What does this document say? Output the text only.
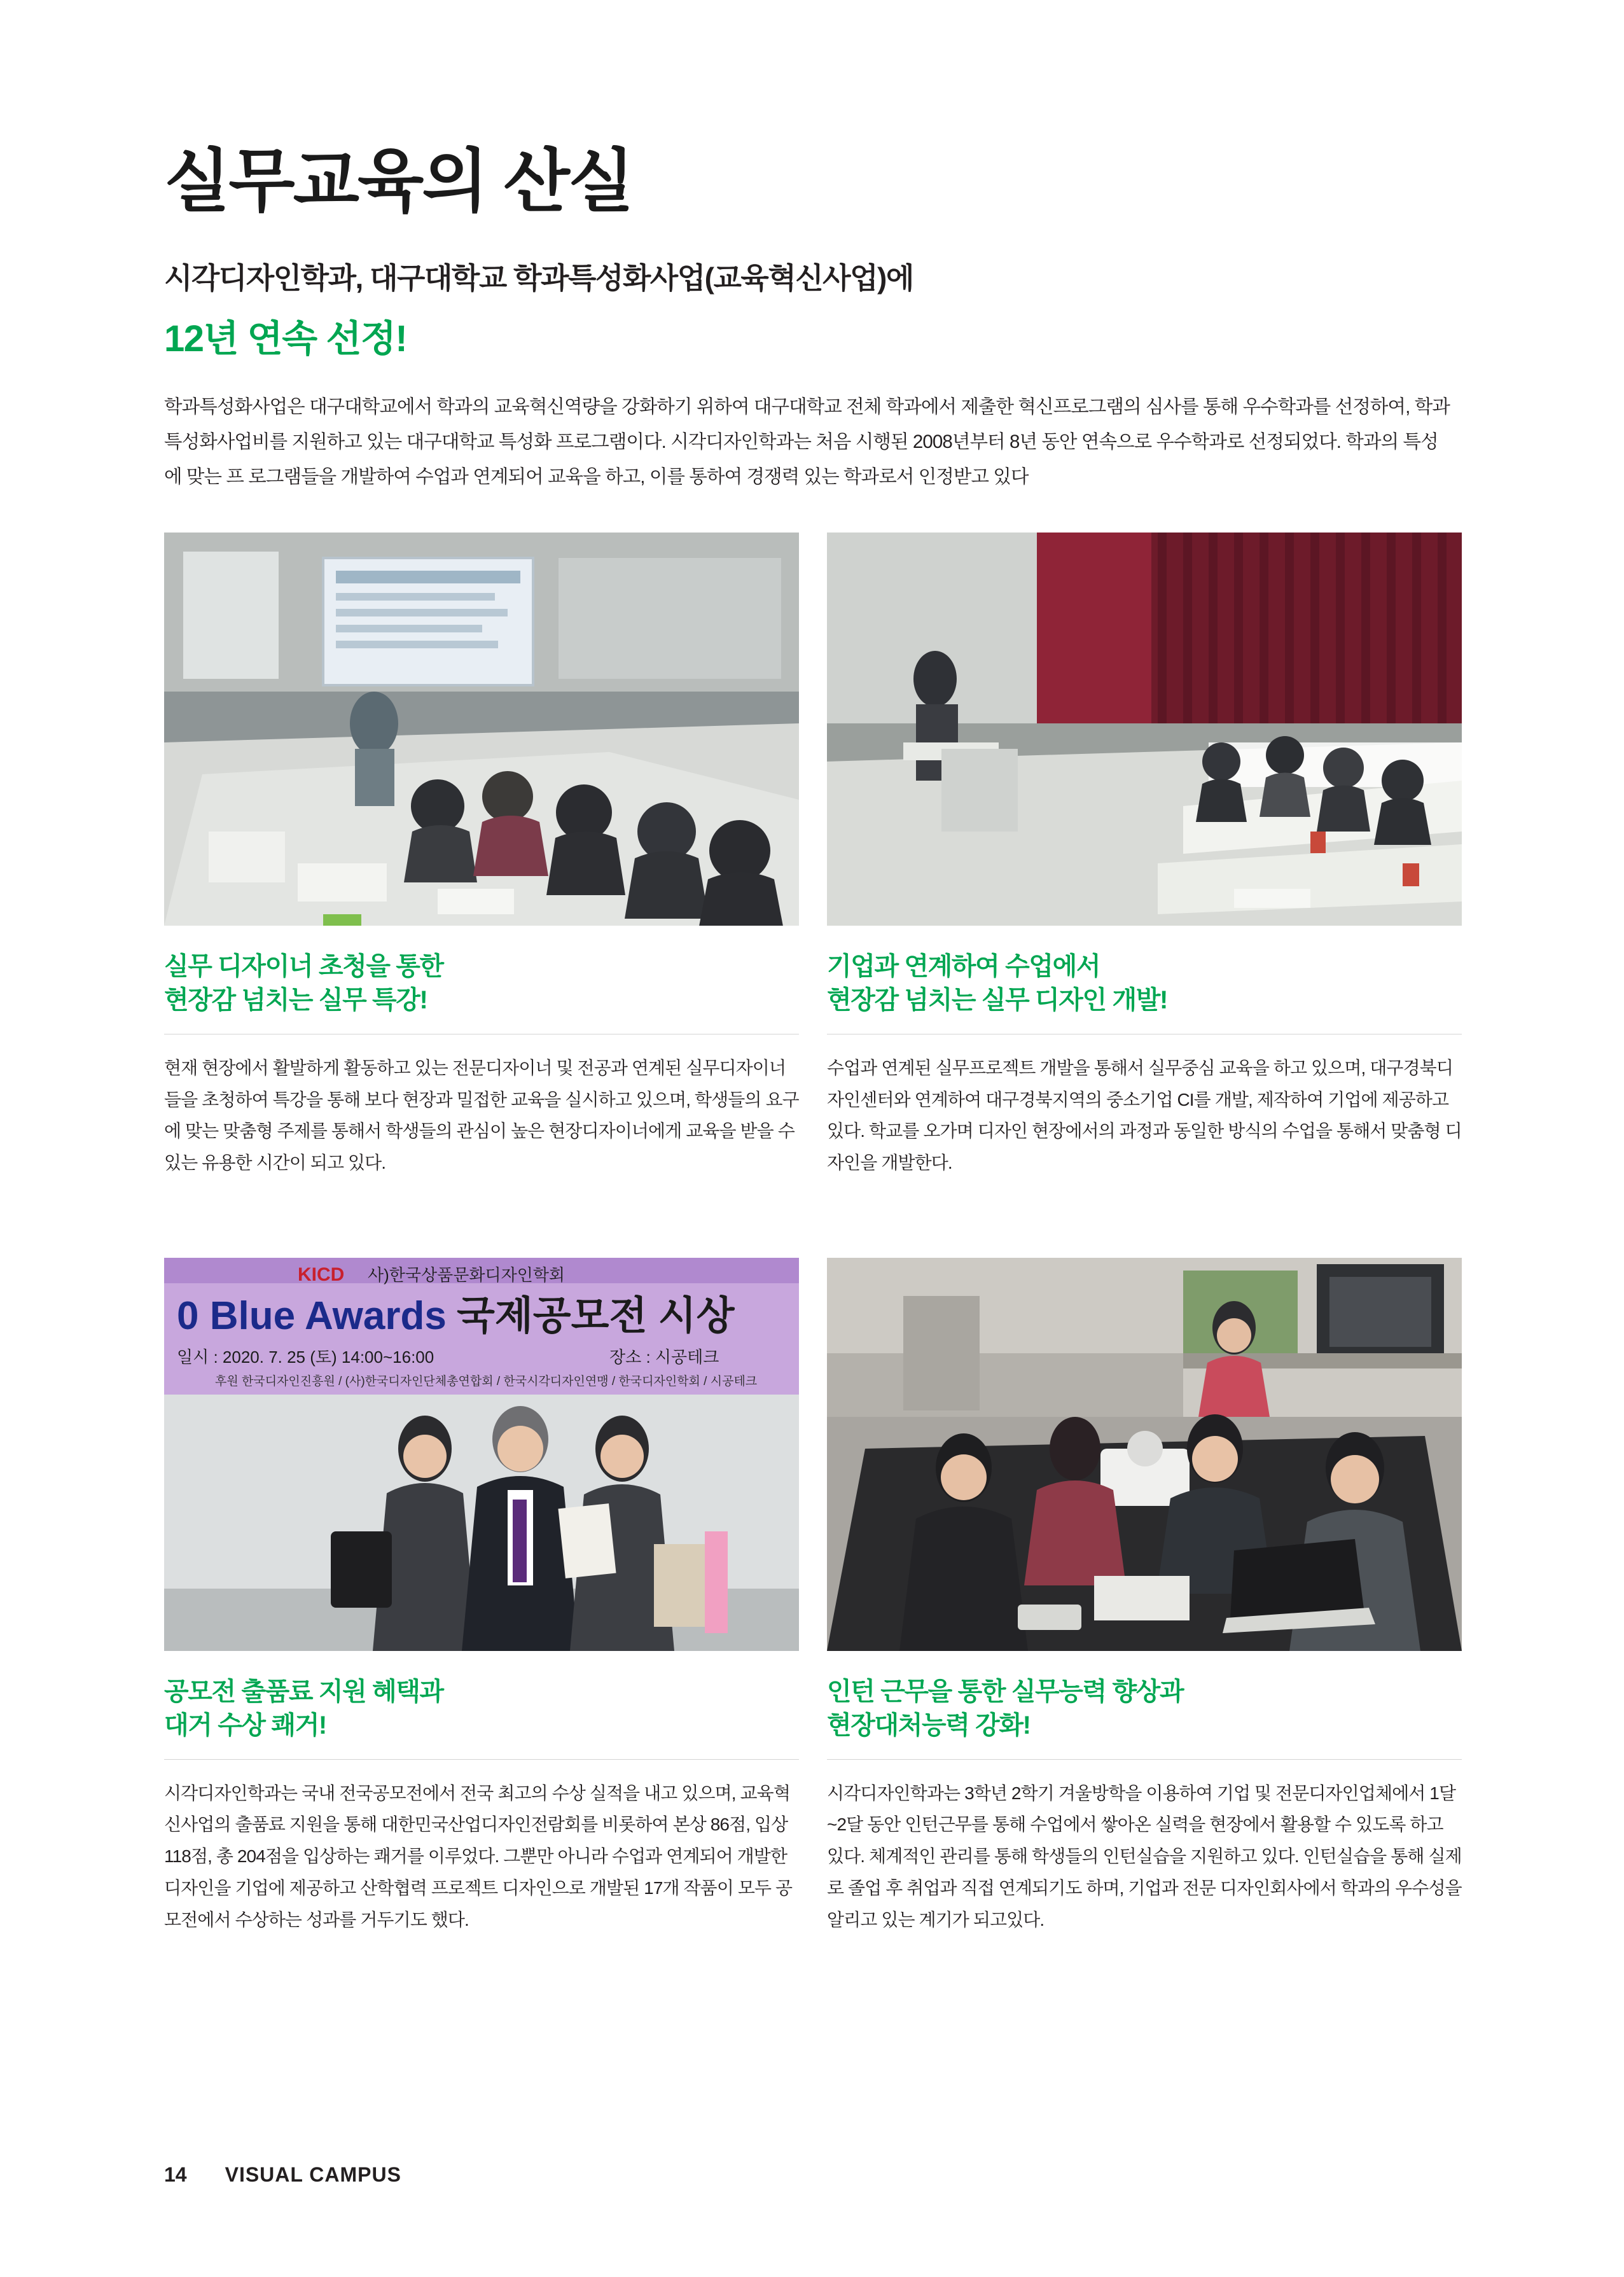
실무교육의 산실
시각디자인학과, 대구대학교 학과특성화사업(교육혁신사업)에
12년 연속 선정!

학과특성화사업은 대구대학교에서 학과의 교육혁신역량을 강화하기 위하여 대구대학교 전체 학과에서 제출한 혁신프로그램의 심사를 통해 우수학과를 선정하여, 학과특성화사업비를 지원하고 있는 대구대학교 특성화 프로그램이다. 시각디자인학과는 처음 시행된 2008년부터 8년 동안 연속으로 우수학과로 선정되었다. 학과의 특성에 맞는 프 로그램들을 개발하여 수업과 연계되어 교육을 하고, 이를 통하여 경쟁력 있는 학과로서 인정받고 있다

실무 디자이너 초청을 통한
현장감 넘치는 실무 특강!

현재 현장에서 활발하게 활동하고 있는 전문디자이너 및 전공과 연계된 실무디자이너들을 초청하여 특강을 통해 보다 현장과 밀접한 교육을 실시하고 있으며, 학생들의 요구에 맞는 맞춤형 주제를 통해서 학생들의 관심이 높은 현장디자이너에게 교육을 받을 수 있는 유용한 시간이 되고 있다.

기업과 연계하여 수업에서
현장감 넘치는 실무 디자인 개발!

수업과 연계된 실무프로젝트 개발을 통해서 실무중심 교육을 하고 있으며, 대구경북디자인센터와 연계하여 대구경북지역의 중소기업 CI를 개발, 제작하여 기업에 제공하고 있다. 학교를 오가며 디자인 현장에서의 과정과 동일한 방식의 수업을 통해서 맞춤형 디자인을 개발한다.

KICD 사)한국상품문화디자인학회
0 Blue Awards 국제공모전 시상
일시 : 2020. 7. 25 (토) 14:00~16:00	장소 : 시공테크
후원 한국디자인진흥원 / (사)한국디자인단체총연합회 / 한국시각디자인연맹 / 한국디자인학회 / 시공테크
공모전 출품료 지원 혜택과
대거 수상 쾌거!

시각디자인학과는 국내 전국공모전에서 전국 최고의 수상 실적을 내고 있으며, 교육혁신사업의 출품료 지원을 통해 대한민국산업디자인전람회를 비롯하여 본상 86점, 입상 118점, 총 204점을 입상하는 쾌거를 이루었다. 그뿐만 아니라 수업과 연계되어 개발한 디자인을 기업에 제공하고 산학협력 프로젝트 디자인으로 개발된 17개 작품이 모두 공모전에서 수상하는 성과를 거두기도 했다.

인턴 근무을 통한 실무능력 향상과
현장대처능력 강화!

시각디자인학과는 3학년 2학기 겨울방학을 이용하여 기업 및 전문디자인업체에서 1달~2달 동안 인턴근무를 통해 수업에서 쌓아온 실력을 현장에서 활용할 수 있도록 하고 있다. 체계적인 관리를 통해 학생들의 인턴실습을 지원하고 있다. 인턴실습을 통해 실제로 졸업 후 취업과 직접 연계되기도 하며, 기업과 전문 디자인회사에서 학과의 우수성을 알리고 있는 계기가 되고있다.

14 VISUAL CAMPUS
